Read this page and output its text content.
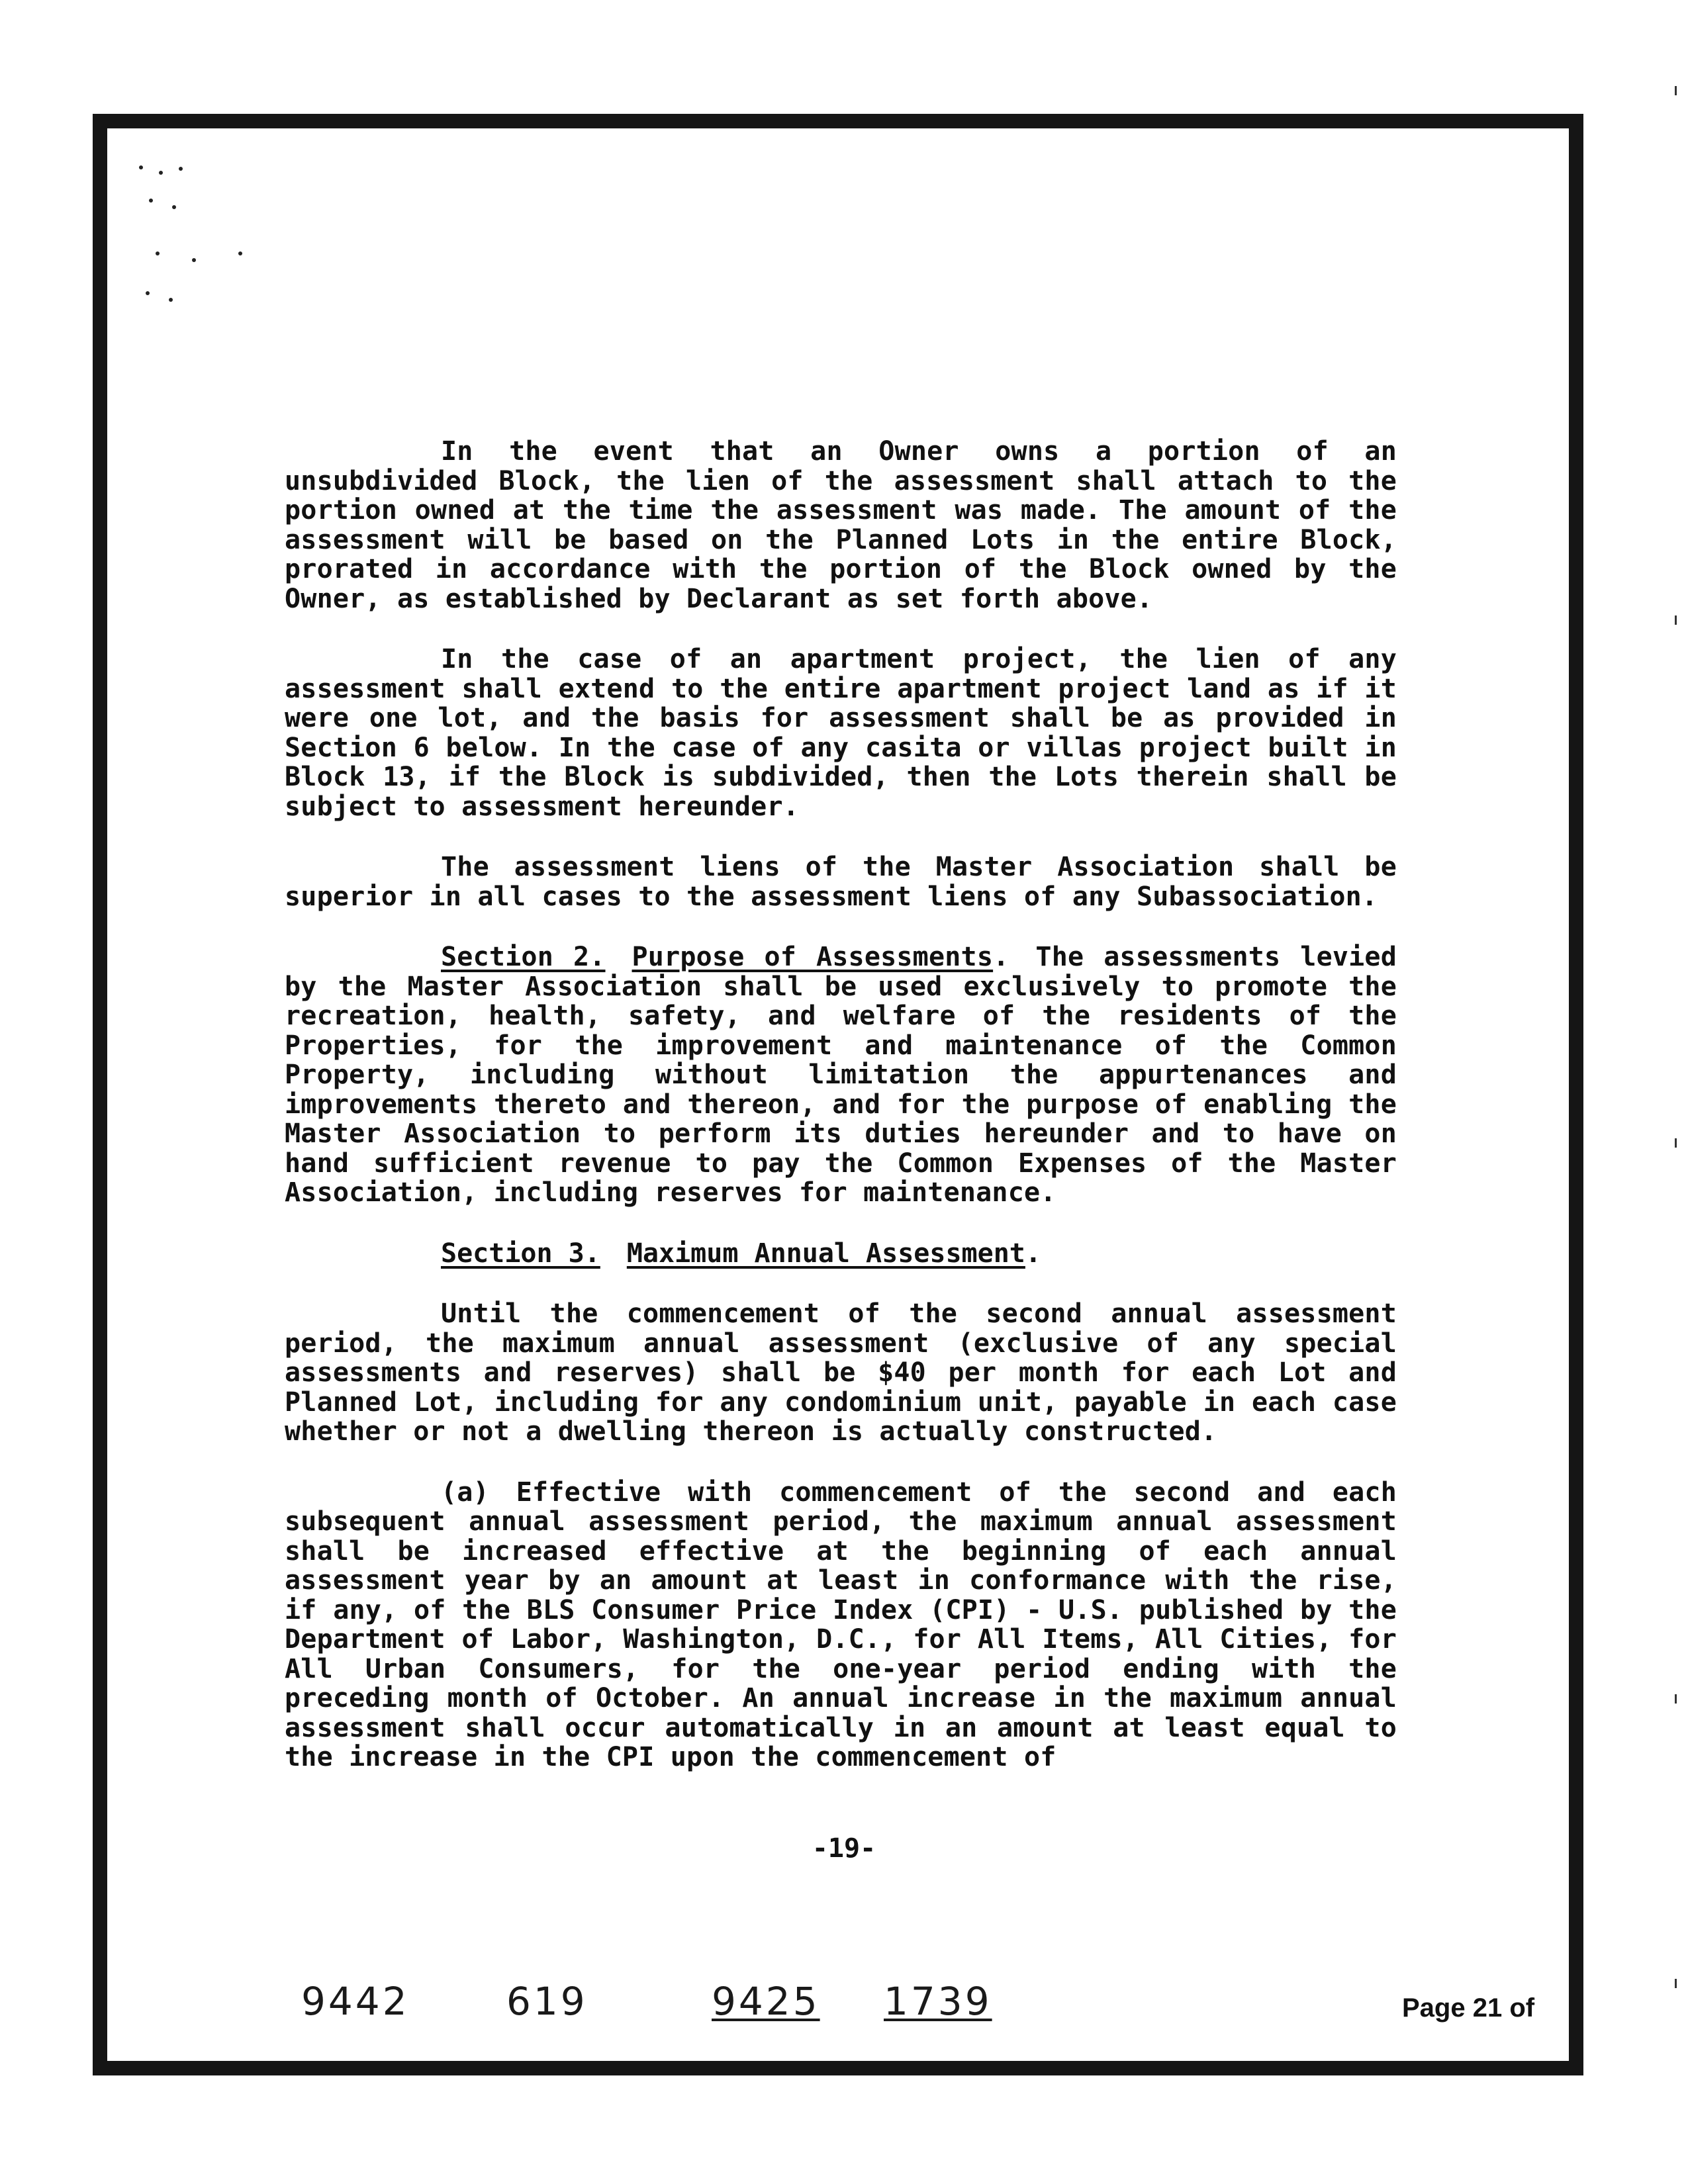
In the event that an Owner owns a portion of an unsubdivided Block, the lien of the assessment shall attach to the portion owned at the time the assessment was made. The amount of the assessment will be based on the Planned Lots in the entire Block, prorated in accordance with the portion of the Block owned by the Owner, as established by Declarant as set forth above.

In the case of an apartment project, the lien of any assessment shall extend to the entire apartment project land as if it were one lot, and the basis for assessment shall be as provided in Section 6 below. In the case of any casita or villas project built in Block 13, if the Block is subdivided, then the Lots therein shall be subject to assessment hereunder.

The assessment liens of the Master Association shall be superior in all cases to the assessment liens of any Subassociation.

Section 2. Purpose of Assessments. The assessments levied by the Master Association shall be used exclusively to promote the recreation, health, safety, and welfare of the residents of the Properties, for the improvement and maintenance of the Common Property, including without limitation the appurtenances and improvements thereto and thereon, and for the purpose of enabling the Master Association to perform its duties hereunder and to have on hand sufficient revenue to pay the Common Expenses of the Master Association, including reserves for maintenance.

Section 3. Maximum Annual Assessment.

Until the commencement of the second annual assessment period, the maximum annual assessment (exclusive of any special assessments and reserves) shall be $40 per month for each Lot and Planned Lot, including for any condominium unit, payable in each case whether or not a dwelling thereon is actually constructed.

(a) Effective with commencement of the second and each subsequent annual assessment period, the maximum annual assessment shall be increased effective at the beginning of each annual assessment year by an amount at least in conformance with the rise, if any, of the BLS Consumer Price Index (CPI) - U.S. published by the Department of Labor, Washington, D.C., for All Items, All Cities, for All Urban Consumers, for the one-year period ending with the preceding month of October. An annual increase in the maximum annual assessment shall occur automatically in an amount at least equal to the increase in the CPI upon the commencement of

-19-
9442	619	9425 1739	Page 21 of
